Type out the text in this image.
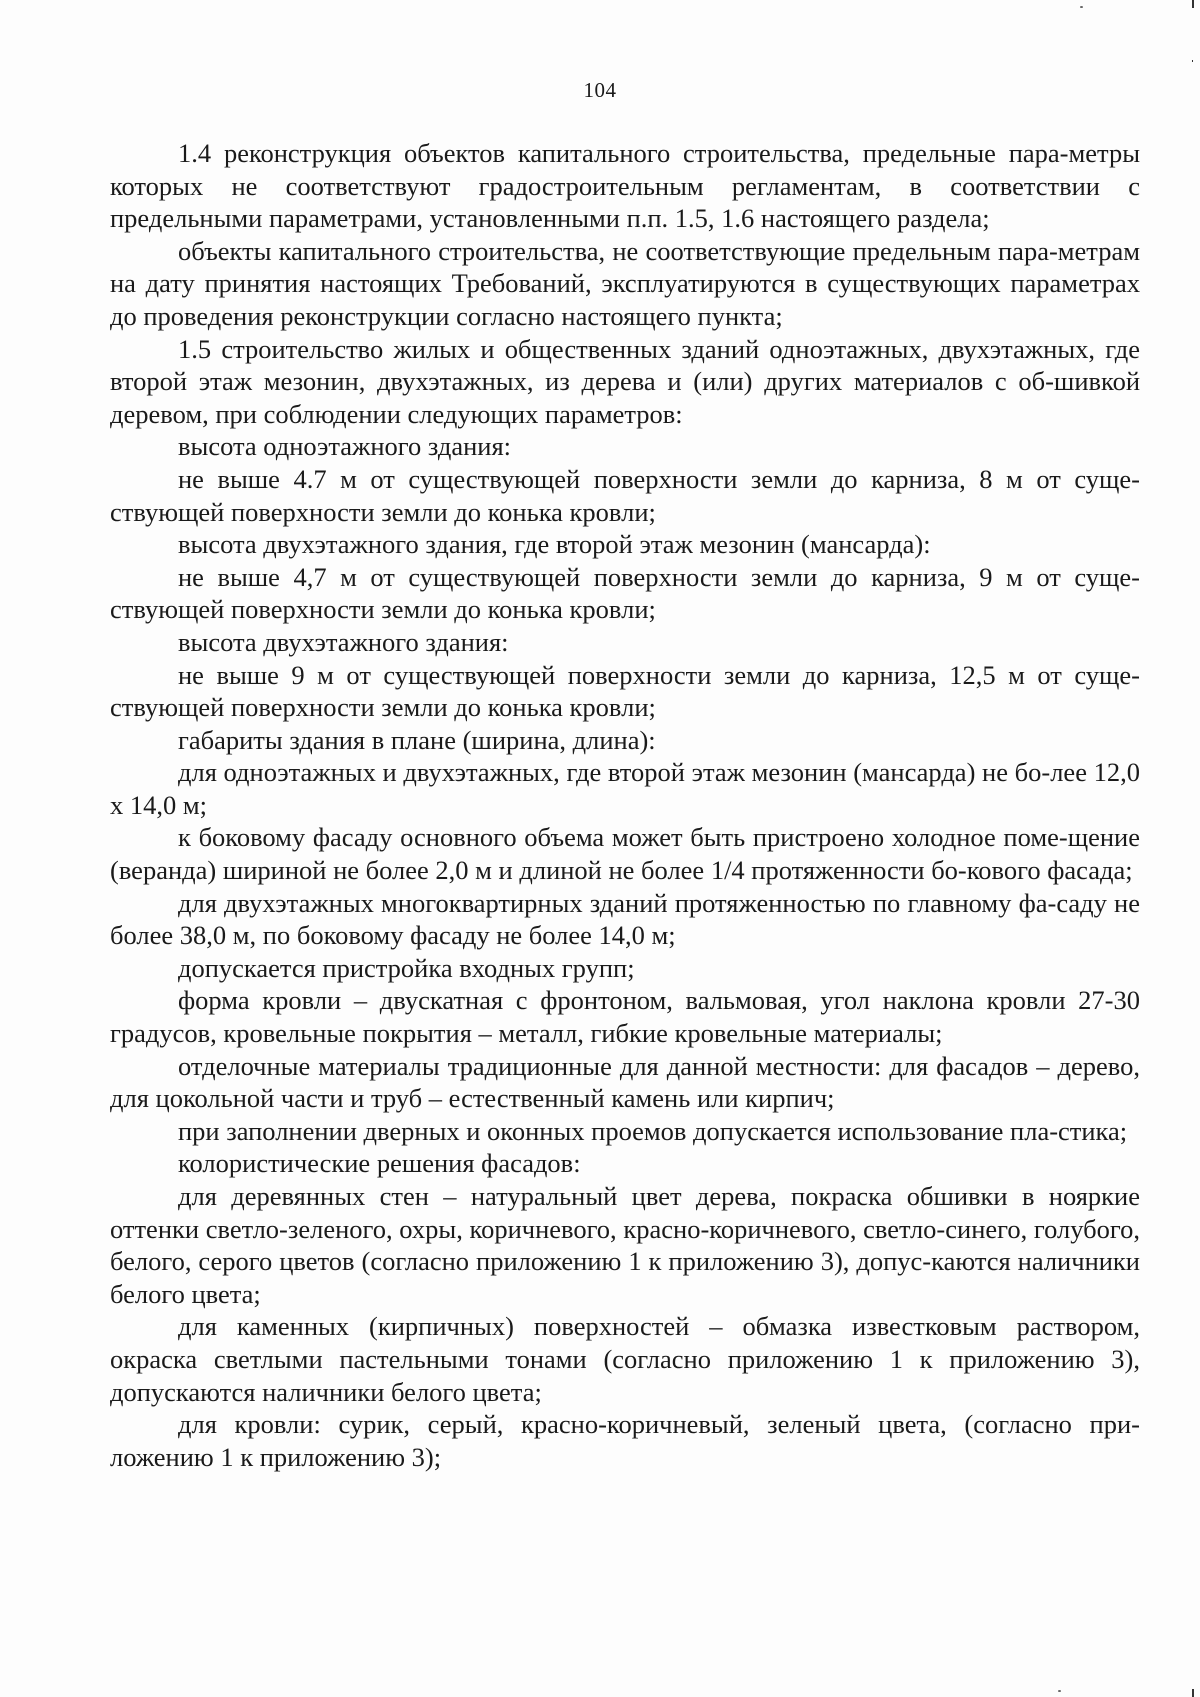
104

1.4 реконструкция объектов капитального строительства, предельные пара-метры которых не соответствуют градостроительным регламентам, в соответствии с предельными параметрами, установленными п.п. 1.5, 1.6 настоящего раздела;

объекты капитального строительства, не соответствующие предельным пара-метрам на дату принятия настоящих Требований, эксплуатируются в существующих параметрах до проведения реконструкции согласно настоящего пункта;

1.5 строительство жилых и общественных зданий одноэтажных, двухэтажных, где второй этаж мезонин, двухэтажных, из дерева и (или) других материалов с об-шивкой деревом, при соблюдении следующих параметров:

высота одноэтажного здания:

не выше 4.7 м от существующей поверхности земли до карниза, 8 м от суще-ствующей поверхности земли до конька кровли;

высота двухэтажного здания, где второй этаж мезонин (мансарда):

не выше 4,7 м от существующей поверхности земли до карниза, 9 м от суще-ствующей поверхности земли до конька кровли;

высота двухэтажного здания:

не выше 9 м от существующей поверхности земли до карниза, 12,5 м от суще-ствующей поверхности земли до конька кровли;

габариты здания в плане (ширина, длина):

для одноэтажных и двухэтажных, где второй этаж мезонин (мансарда) не бо-лее 12,0 х 14,0 м;

к боковому фасаду основного объема может быть пристроено холодное поме-щение (веранда) шириной не более 2,0 м и длиной не более 1/4 протяженности бо-кового фасада;

для двухэтажных многоквартирных зданий протяженностью по главному фа-саду не более 38,0 м, по боковому фасаду не более 14,0 м;

допускается пристройка входных групп;

форма кровли – двускатная с фронтоном, вальмовая, угол наклона кровли 27-30 градусов, кровельные покрытия – металл, гибкие кровельные материалы;

отделочные материалы традиционные для данной местности: для фасадов – дерево, для цокольной части и труб – естественный камень или кирпич;

при заполнении дверных и оконных проемов допускается использование пла-стика;

колористические решения фасадов:

для деревянных стен – натуральный цвет дерева, покраска обшивки в нояркие оттенки светло-зеленого, охры, коричневого, красно-коричневого, светло-синего, голубого, белого, серого цветов (согласно приложению 1 к приложению 3), допус-каются наличники белого цвета;

для каменных (кирпичных) поверхностей – обмазка известковым раствором, окраска светлыми пастельными тонами (согласно приложению 1 к приложению 3), допускаются наличники белого цвета;

для кровли: сурик, серый, красно-коричневый, зеленый цвета, (согласно при-ложению 1 к приложению 3);
